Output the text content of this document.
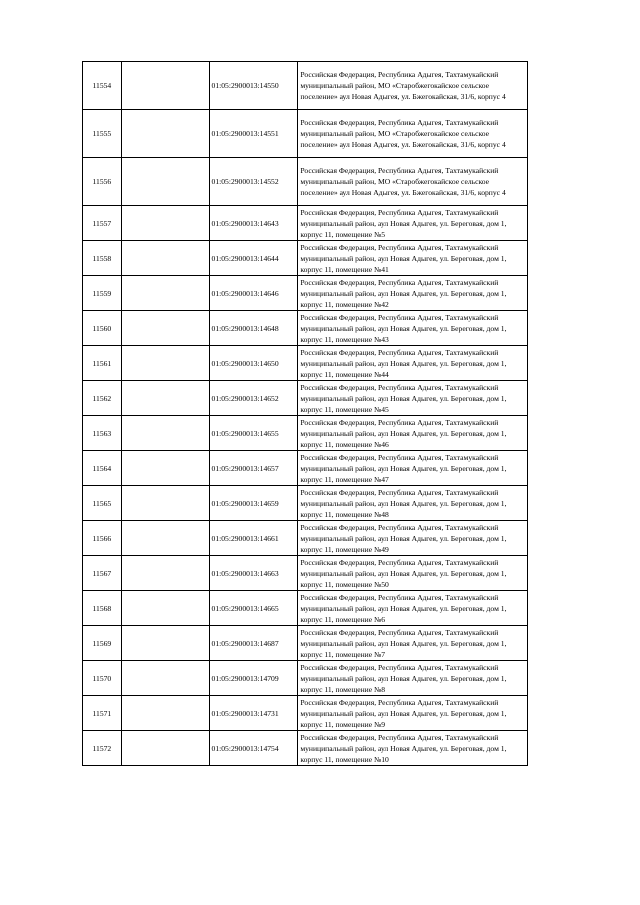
11554		01:05:2900013:14550	Российская Федерация, Республика Адыгея, Тахтамукайский муниципальный район, МО «Старобжегокайское сельское поселение» аул Новая Адыгея, ул. Бжегокайская, 31/6, корпус 4
11555		01:05:2900013:14551	Российская Федерация, Республика Адыгея, Тахтамукайский муниципальный район, МО «Старобжегокайское сельское поселение» аул Новая Адыгея, ул. Бжегокайская, 31/6, корпус 4
11556		01:05:2900013:14552	Российская Федерация, Республика Адыгея, Тахтамукайский муниципальный район, МО «Старобжегокайское сельское поселение» аул Новая Адыгея, ул. Бжегокайская, 31/6, корпус 4
11557		01:05:2900013:14643	Российская Федерация, Республика Адыгея, Тахтамукайский муниципальный район, аул Новая Адыгея, ул. Береговая, дом 1, корпус 11, помещение №5
11558		01:05:2900013:14644	Российская Федерация, Республика Адыгея, Тахтамукайский муниципальный район, аул Новая Адыгея, ул. Береговая, дом 1, корпус 11, помещение №41
11559		01:05:2900013:14646	Российская Федерация, Республика Адыгея, Тахтамукайский муниципальный район, аул Новая Адыгея, ул. Береговая, дом 1, корпус 11, помещение №42
11560		01:05:2900013:14648	Российская Федерация, Республика Адыгея, Тахтамукайский муниципальный район, аул Новая Адыгея, ул. Береговая, дом 1, корпус 11, помещение №43
11561		01:05:2900013:14650	Российская Федерация, Республика Адыгея, Тахтамукайский муниципальный район, аул Новая Адыгея, ул. Береговая, дом 1, корпус 11, помещение №44
11562		01:05:2900013:14652	Российская Федерация, Республика Адыгея, Тахтамукайский муниципальный район, аул Новая Адыгея, ул. Береговая, дом 1, корпус 11, помещение №45
11563		01:05:2900013:14655	Российская Федерация, Республика Адыгея, Тахтамукайский муниципальный район, аул Новая Адыгея, ул. Береговая, дом 1, корпус 11, помещение №46
11564		01:05:2900013:14657	Российская Федерация, Республика Адыгея, Тахтамукайский муниципальный район, аул Новая Адыгея, ул. Береговая, дом 1, корпус 11, помещение №47
11565		01:05:2900013:14659	Российская Федерация, Республика Адыгея, Тахтамукайский муниципальный район, аул Новая Адыгея, ул. Береговая, дом 1, корпус 11, помещение №48
11566		01:05:2900013:14661	Российская Федерация, Республика Адыгея, Тахтамукайский муниципальный район, аул Новая Адыгея, ул. Береговая, дом 1, корпус 11, помещение №49
11567		01:05:2900013:14663	Российская Федерация, Республика Адыгея, Тахтамукайский муниципальный район, аул Новая Адыгея, ул. Береговая, дом 1, корпус 11, помещение №50
11568		01:05:2900013:14665	Российская Федерация, Республика Адыгея, Тахтамукайский муниципальный район, аул Новая Адыгея, ул. Береговая, дом 1, корпус 11, помещение №6
11569		01:05:2900013:14687	Российская Федерация, Республика Адыгея, Тахтамукайский муниципальный район, аул Новая Адыгея, ул. Береговая, дом 1, корпус 11, помещение №7
11570		01:05:2900013:14709	Российская Федерация, Республика Адыгея, Тахтамукайский муниципальный район, аул Новая Адыгея, ул. Береговая, дом 1, корпус 11, помещение №8
11571		01:05:2900013:14731	Российская Федерация, Республика Адыгея, Тахтамукайский муниципальный район, аул Новая Адыгея, ул. Береговая, дом 1, корпус 11, помещение №9
11572		01:05:2900013:14754	Российская Федерация, Республика Адыгея, Тахтамукайский муниципальный район, аул Новая Адыгея, ул. Береговая, дом 1, корпус 11, помещение №10
